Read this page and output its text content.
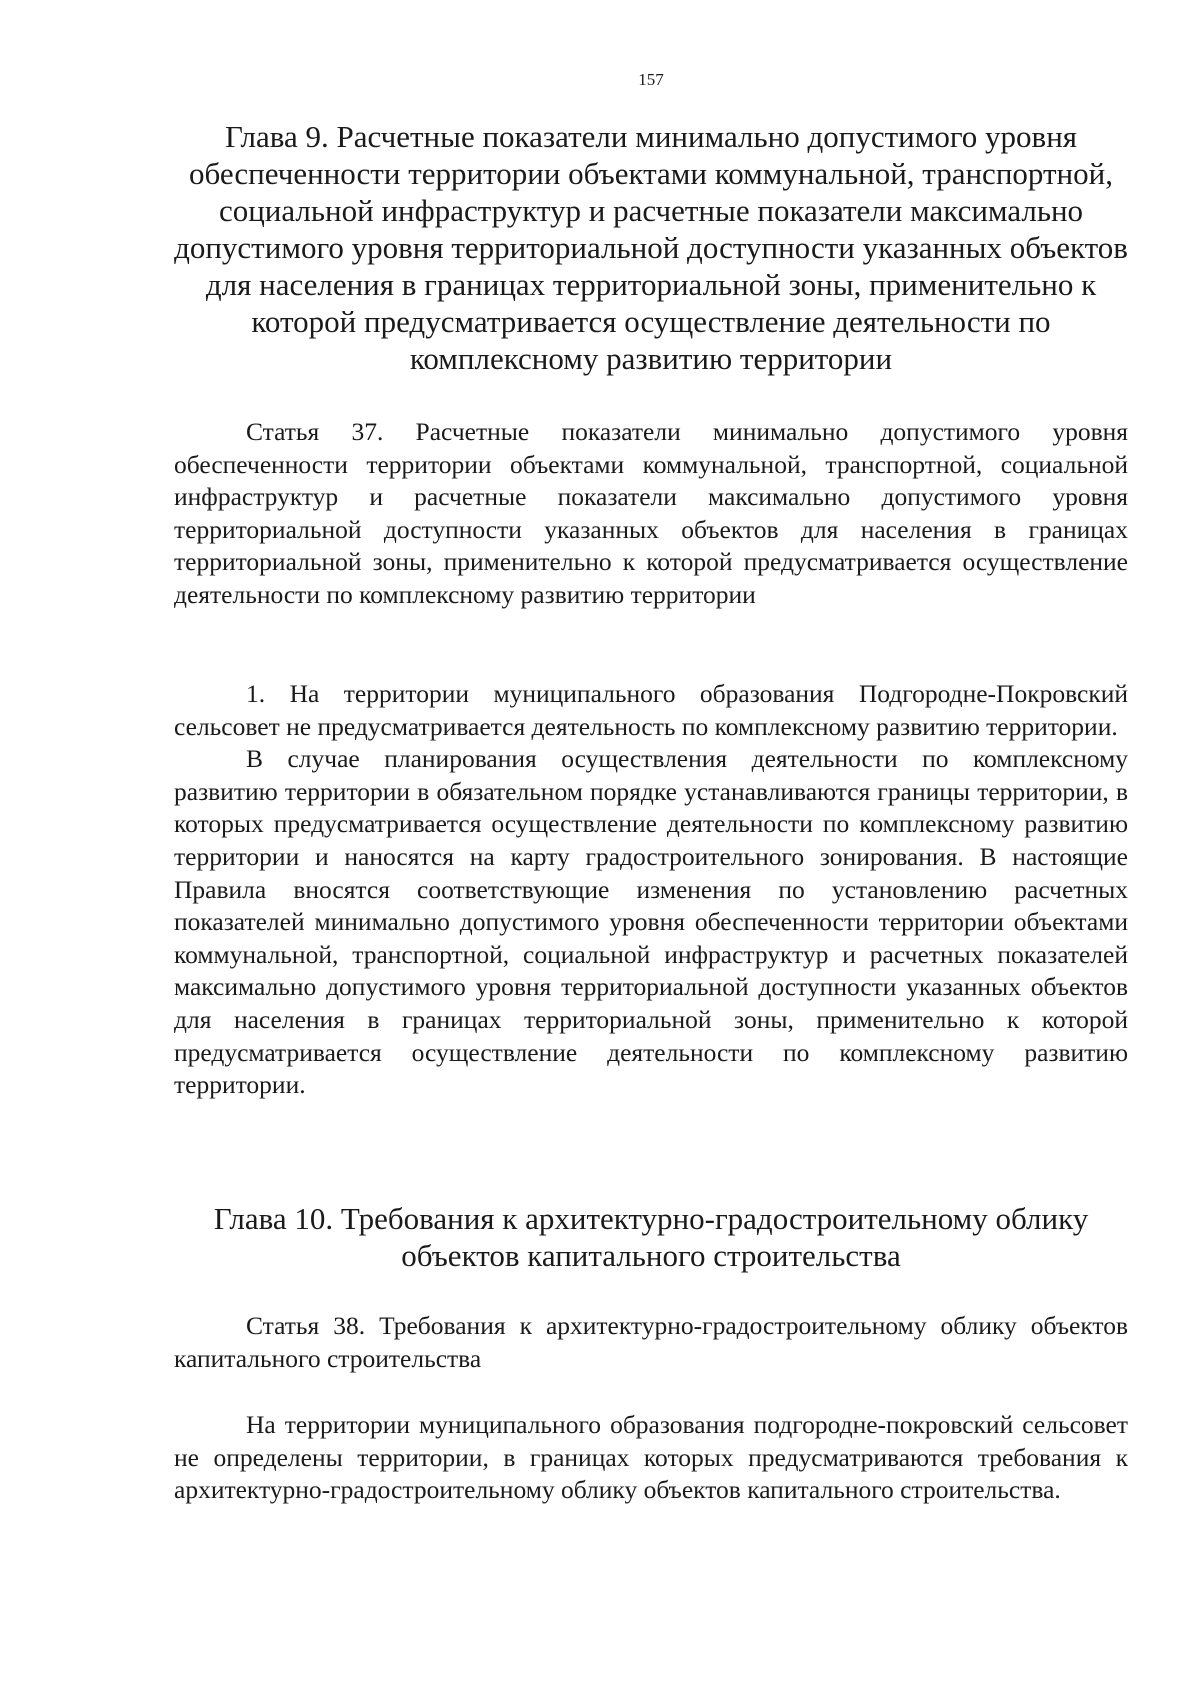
157
Глава 9. Расчетные показатели минимально допустимого уровня обеспеченности территории объектами коммунальной, транспортной, социальной инфраструктур и расчетные показатели максимально допустимого уровня территориальной доступности указанных объектов для населения в границах территориальной зоны, применительно к которой предусматривается осуществление деятельности по комплексному развитию территории
Статья 37. Расчетные показатели минимально допустимого уровня обеспеченности территории объектами коммунальной, транспортной, социальной инфраструктур и расчетные показатели максимально допустимого уровня территориальной доступности указанных объектов для населения в границах территориальной зоны, применительно к которой предусматривается осуществление деятельности по комплексному развитию территории

1. На территории муниципального образования Подгородне-Покровский сельсовет не предусматривается деятельность по комплексному развитию территории.

В случае планирования осуществления деятельности по комплексному развитию территории в обязательном порядке устанавливаются границы территории, в которых предусматривается осуществление деятельности по комплексному развитию территории и наносятся на карту градостроительного зонирования. В настоящие Правила вносятся соответствующие изменения по установлению расчетных показателей минимально допустимого уровня обеспеченности территории объектами коммунальной, транспортной, социальной инфраструктур и расчетных показателей максимально допустимого уровня территориальной доступности указанных объектов для населения в границах территориальной зоны, применительно к которой предусматривается осуществление деятельности по комплексному развитию территории.

Глава 10. Требования к архитектурно-градостроительному облику объектов капитального строительства
Статья 38. Требования к архитектурно-градостроительному облику объектов капитального строительства

На территории муниципального образования подгородне-покровский сельсовет не определены территории, в границах которых предусматриваются требования к архитектурно-градостроительному облику объектов капитального строительства.
